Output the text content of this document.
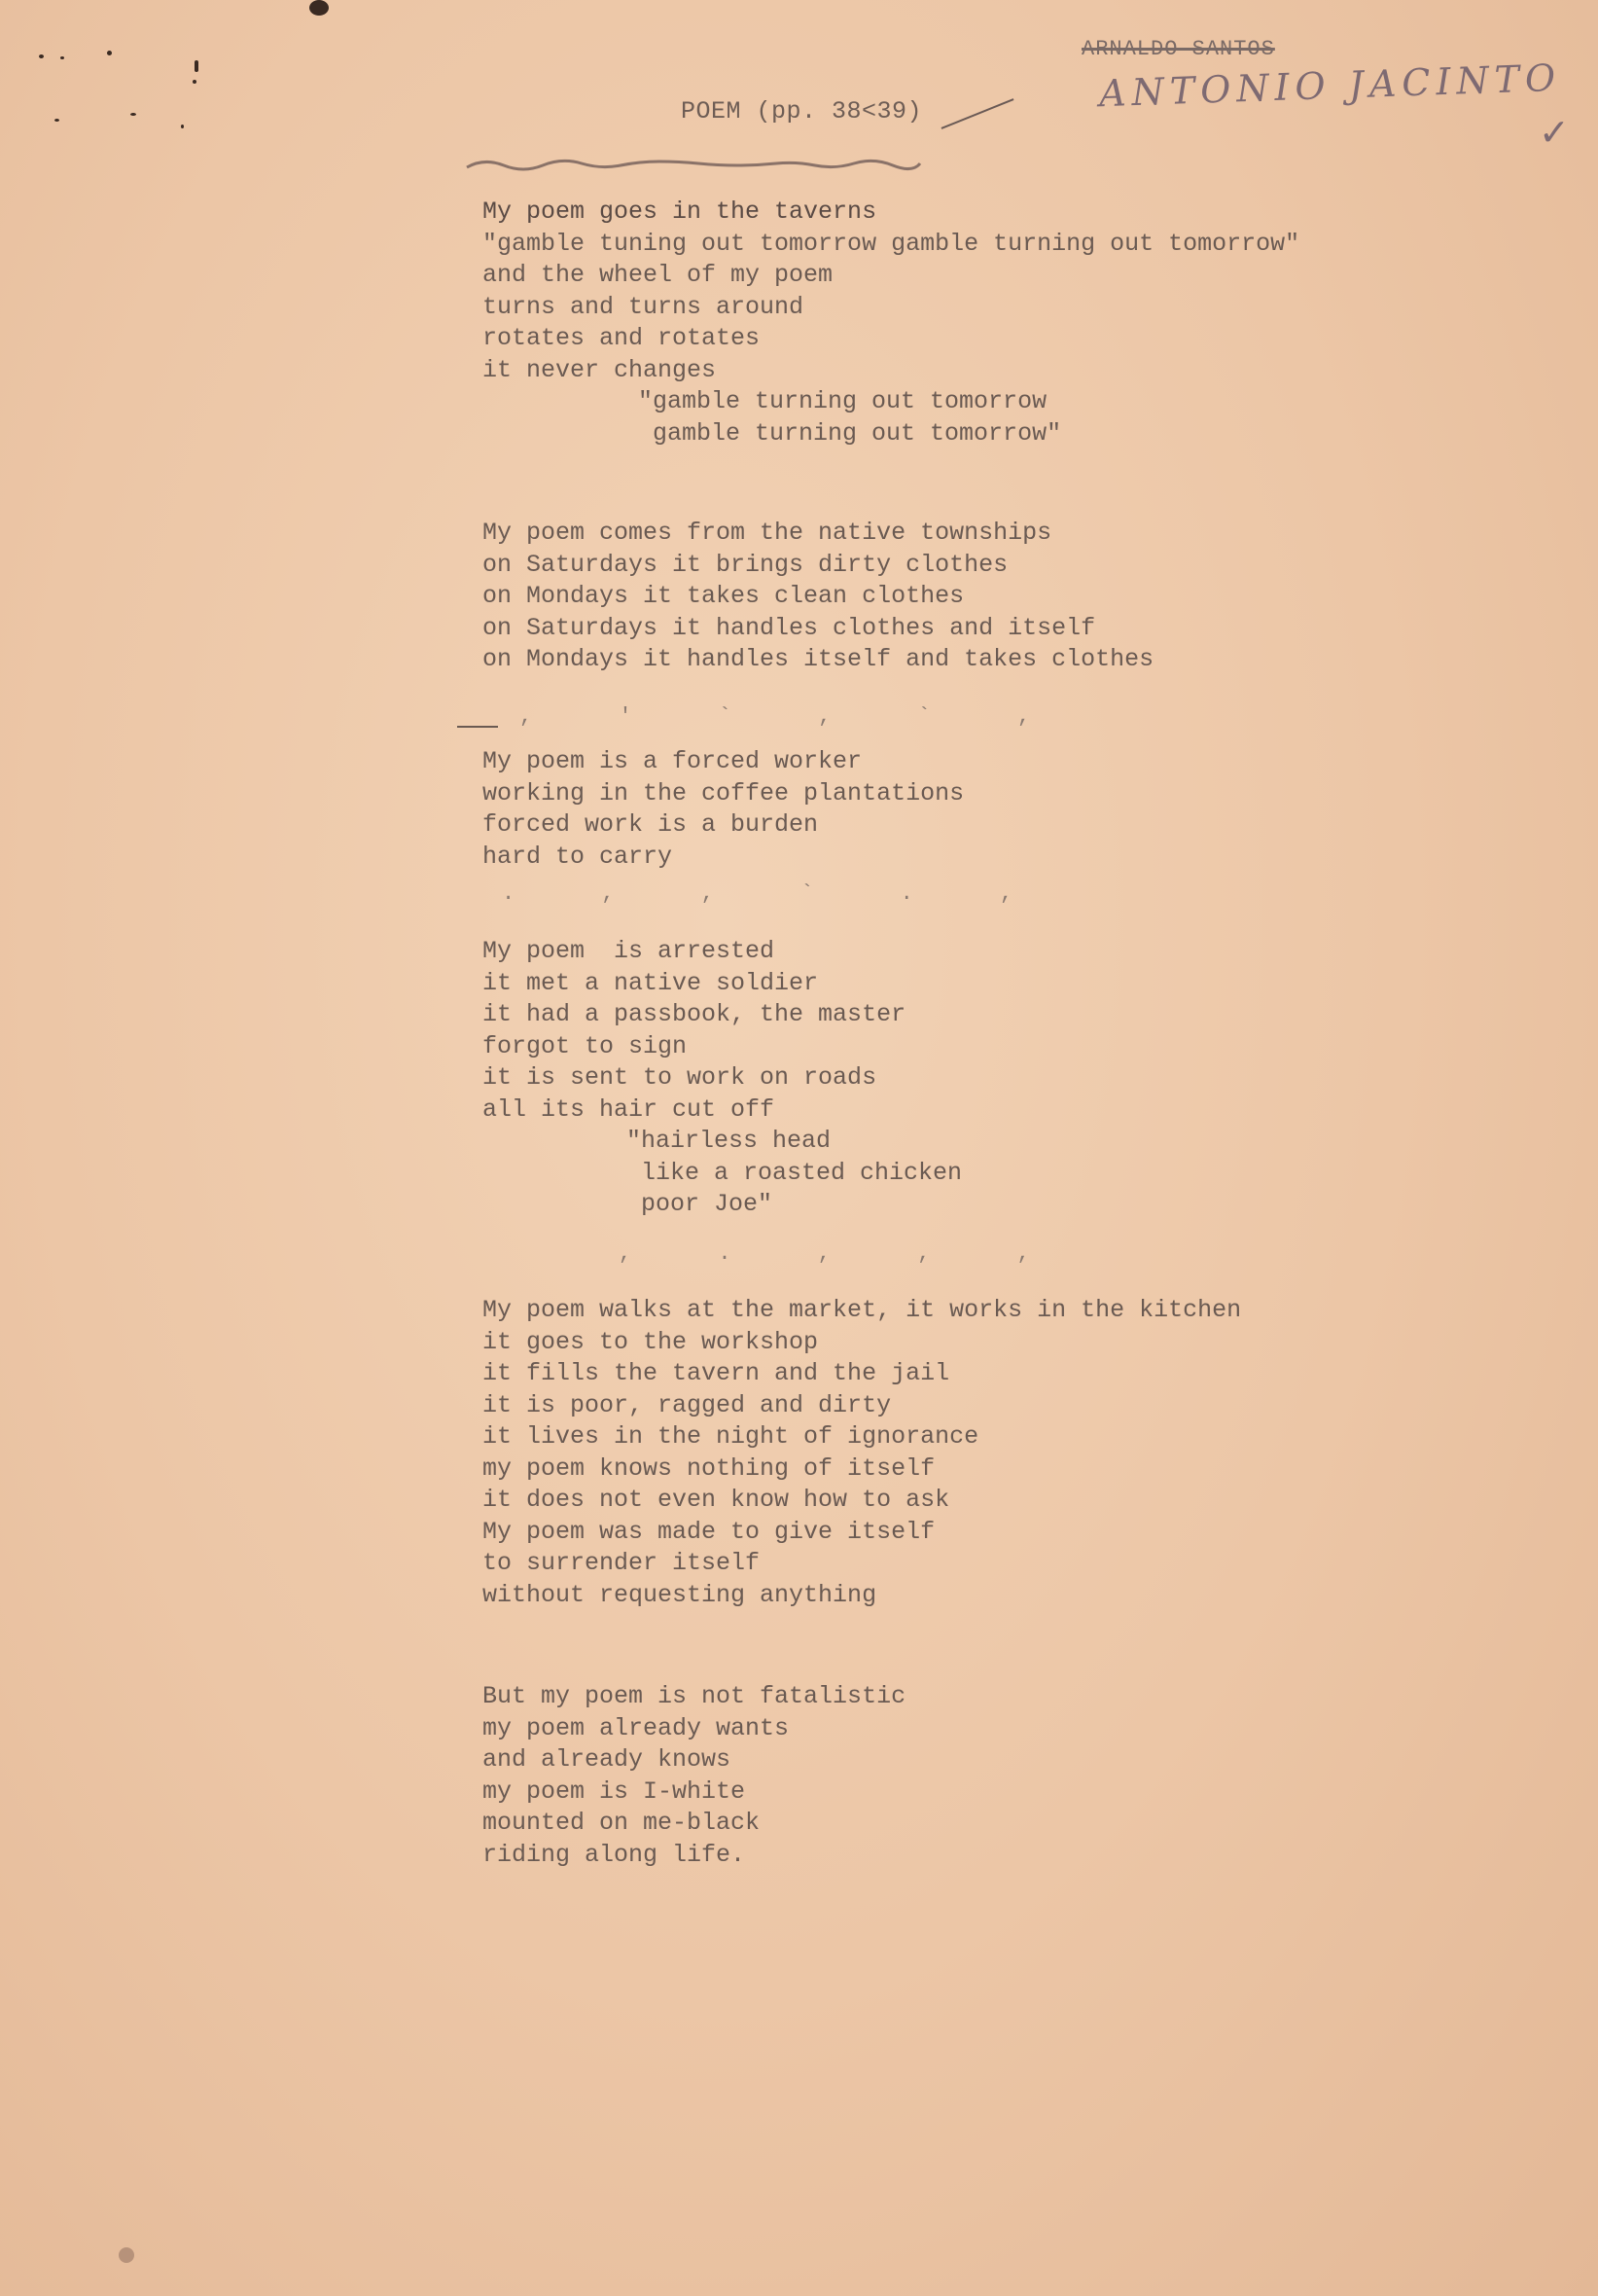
POEM (pp. 38<39)
ARNALDO SANTOS
ANTONIO JACINTO
✓
My poem goes in the taverns
"gamble tuning out tomorrow gamble turning out tomorrow"
and the wheel of my poem
turns and turns around
rotates and rotates
it never changes
"gamble turning out tomorrow
gamble turning out tomorrow"
My poem comes from the native townships
on Saturdays it brings dirty clothes
on Mondays it takes clean clothes
on Saturdays it handles clothes and itself
on Mondays it handles itself and takes clothes
, ' ` , ` ,
My poem is a forced worker
working in the coffee plantations
forced work is a burden
hard to carry
. , , ` . ,
My poem  is arrested
it met a native soldier
it had a passbook, the master
forgot to sign
it is sent to work on roads
all its hair cut off
"hairless head
like a roasted chicken
poor Joe"
, . , , ,
My poem walks at the market, it works in the kitchen
it goes to the workshop
it fills the tavern and the jail
it is poor, ragged and dirty
it lives in the night of ignorance
my poem knows nothing of itself
it does not even know how to ask
My poem was made to give itself
to surrender itself
without requesting anything
But my poem is not fatalistic
my poem already wants
and already knows
my poem is I-white
mounted on me-black
riding along life.
